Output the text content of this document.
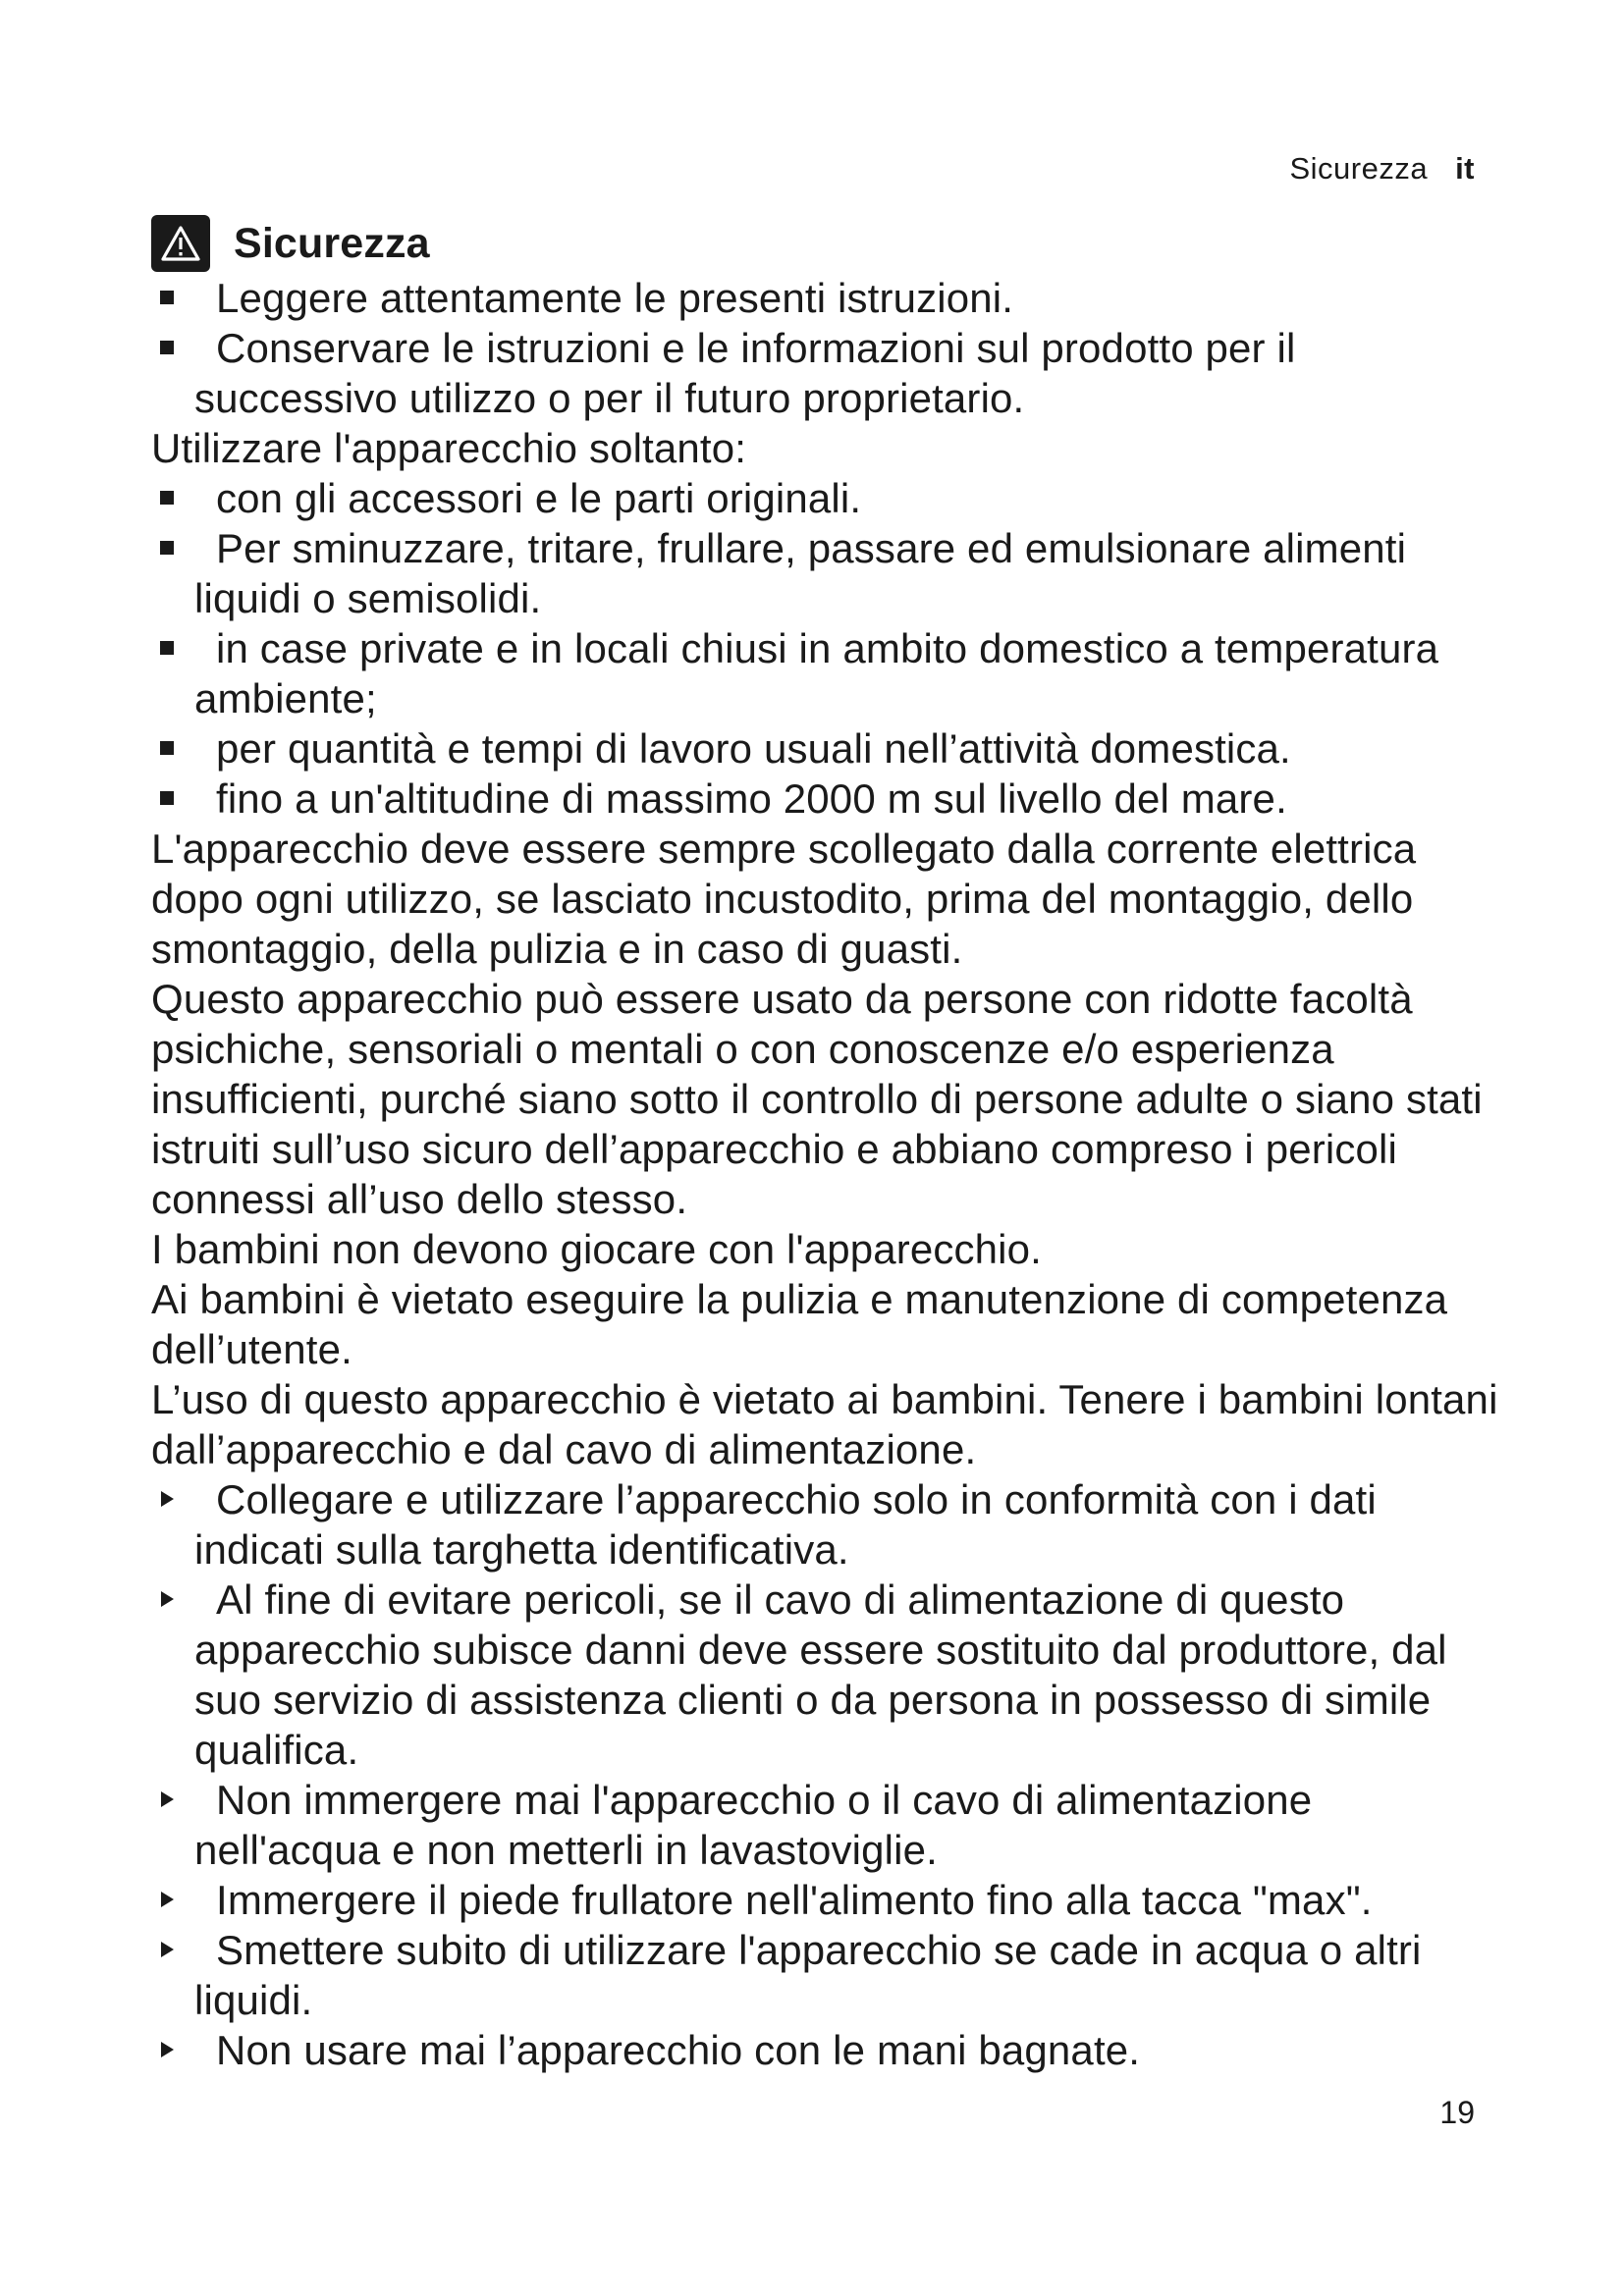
Sicurezza it
Sicurezza
Leggere attentamente le presenti istruzioni.
Conservare le istruzioni e le informazioni sul prodotto per il successivo utilizzo o per il futuro proprietario.
Utilizzare l'apparecchio soltanto:
con gli accessori e le parti originali.
Per sminuzzare, tritare, frullare, passare ed emulsionare alimenti liquidi o semisolidi.
in case private e in locali chiusi in ambito domestico a temperatura ambiente;
per quantità e tempi di lavoro usuali nell’attività domestica.
fino a un'altitudine di massimo 2000 m sul livello del mare.
L'apparecchio deve essere sempre scollegato dalla corrente elettrica dopo ogni utilizzo, se lasciato incustodito, prima del montaggio, dello smontaggio, della pulizia e in caso di guasti.
Questo apparecchio può essere usato da persone con ridotte facoltà psichiche, sensoriali o mentali o con conoscenze e/o esperienza insufficienti, purché siano sotto il controllo di persone adulte o siano stati istruiti sull’uso sicuro dell’apparecchio e abbiano compreso i pericoli connessi all’uso dello stesso.
I bambini non devono giocare con l'apparecchio.
Ai bambini è vietato eseguire la pulizia e manutenzione di competenza dell’utente.
L’uso di questo apparecchio è vietato ai bambini. Tenere i bambini lontani dall’apparecchio e dal cavo di alimentazione.
Collegare e utilizzare l’apparecchio solo in conformità con i dati indicati sulla targhetta identificativa.
Al fine di evitare pericoli, se il cavo di alimentazione di questo apparecchio subisce danni deve essere sostituito dal produttore, dal suo servizio di assistenza clienti o da persona in possesso di simile qualifica.
Non immergere mai l'apparecchio o il cavo di alimentazione nell'acqua e non metterli in lavastoviglie.
Immergere il piede frullatore nell'alimento fino alla tacca "max".
Smettere subito di utilizzare l'apparecchio se cade in acqua o altri liquidi.
Non usare mai l’apparecchio con le mani bagnate.
19
